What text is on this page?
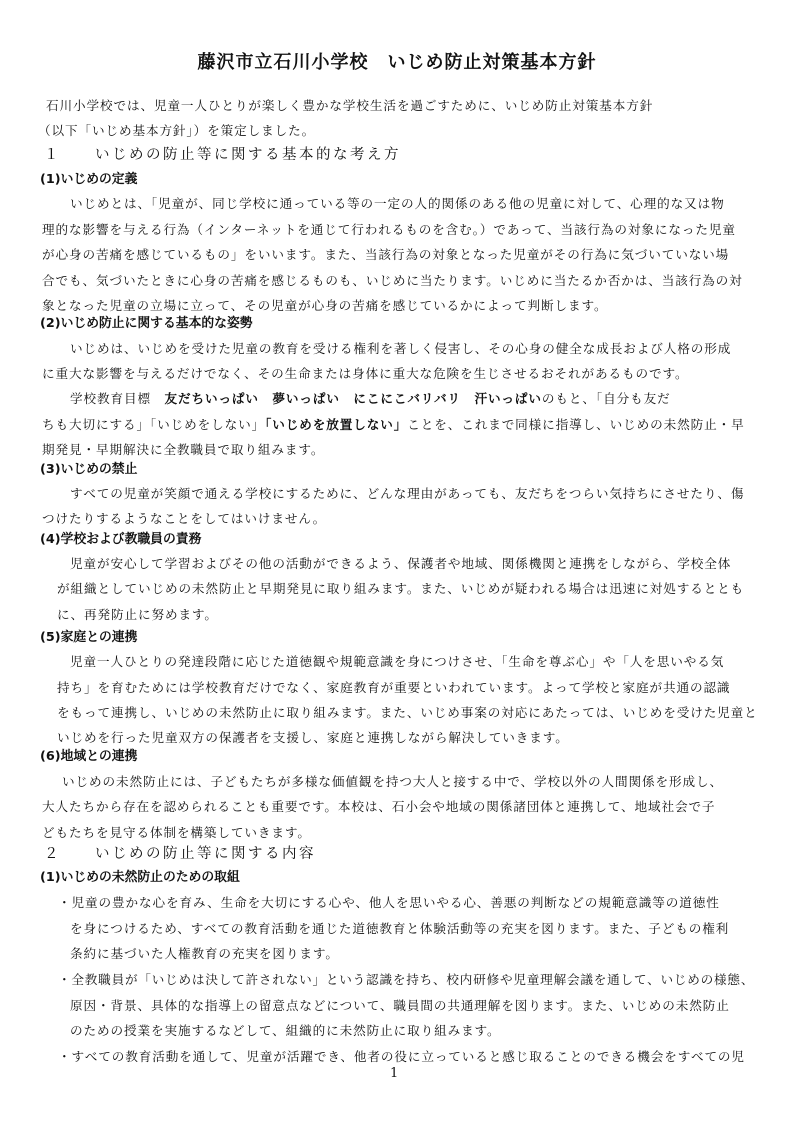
藤沢市立石川小学校　いじめ防止対策基本方針
石川小学校では、児童一人ひとりが楽しく豊かな学校生活を過ごすために、いじめ防止対策基本方針
（以下「いじめ基本方針」）を策定しました。
１　　いじめの防止等に関する基本的な考え方
(1)いじめの定義
いじめとは、「児童が、同じ学校に通っている等の一定の人的関係のある他の児童に対して、心理的な又は物
理的な影響を与える行為（インターネットを通じて行われるものを含む。）であって、当該行為の対象になった児童
が心身の苦痛を感じているもの」をいいます。また、当該行為の対象となった児童がその行為に気づいていない場
合でも、気づいたときに心身の苦痛を感じるものも、いじめに当たります。いじめに当たるか否かは、当該行為の対
象となった児童の立場に立って、その児童が心身の苦痛を感じているかによって判断します。
(2)いじめ防止に関する基本的な姿勢
いじめは、いじめを受けた児童の教育を受ける権利を著しく侵害し、その心身の健全な成長および人格の形成
に重大な影響を与えるだけでなく、その生命または身体に重大な危険を生じさせるおそれがあるものです。
学校教育目標　友だちいっぱい　夢いっぱい　にこにこバリバリ　汗いっぱいのもと、「自分も友だ
ちも大切にする」「いじめをしない」「いじめを放置しない」ことを、これまで同様に指導し、いじめの未然防止・早
期発見・早期解決に全教職員で取り組みます。
(3)いじめの禁止
すべての児童が笑顔で通える学校にするために、どんな理由があっても、友だちをつらい気持ちにさせたり、傷
つけたりするようなことをしてはいけません。
(4)学校および教職員の責務
児童が安心して学習およびその他の活動ができるよう、保護者や地域、関係機関と連携をしながら、学校全体
が組織としていじめの未然防止と早期発見に取り組みます。また、いじめが疑われる場合は迅速に対処するととも
に、再発防止に努めます。
(5)家庭との連携
児童一人ひとりの発達段階に応じた道徳観や規範意識を身につけさせ、「生命を尊ぶ心」や「人を思いやる気
持ち」を育むためには学校教育だけでなく、家庭教育が重要といわれています。よって学校と家庭が共通の認識
をもって連携し、いじめの未然防止に取り組みます。また、いじめ事案の対応にあたっては、いじめを受けた児童と
いじめを行った児童双方の保護者を支援し、家庭と連携しながら解決していきます。
(6)地域との連携
いじめの未然防止には、子どもたちが多様な価値観を持つ大人と接する中で、学校以外の人間関係を形成し、
大人たちから存在を認められることも重要です。本校は、石小会や地域の関係諸団体と連携して、地域社会で子
どもたちを見守る体制を構築していきます。
２　　いじめの防止等に関する内容
(1)いじめの未然防止のための取組
・児童の豊かな心を育み、生命を大切にする心や、他人を思いやる心、善悪の判断などの規範意識等の道徳性
を身につけるため、すべての教育活動を通じた道徳教育と体験活動等の充実を図ります。また、子どもの権利
条約に基づいた人権教育の充実を図ります。
・全教職員が「いじめは決して許されない」という認識を持ち、校内研修や児童理解会議を通して、いじめの様態、
原因・背景、具体的な指導上の留意点などについて、職員間の共通理解を図ります。また、いじめの未然防止
のための授業を実施するなどして、組織的に未然防止に取り組みます。
・すべての教育活動を通して、児童が活躍でき、他者の役に立っていると感じ取ることのできる機会をすべての児
1
